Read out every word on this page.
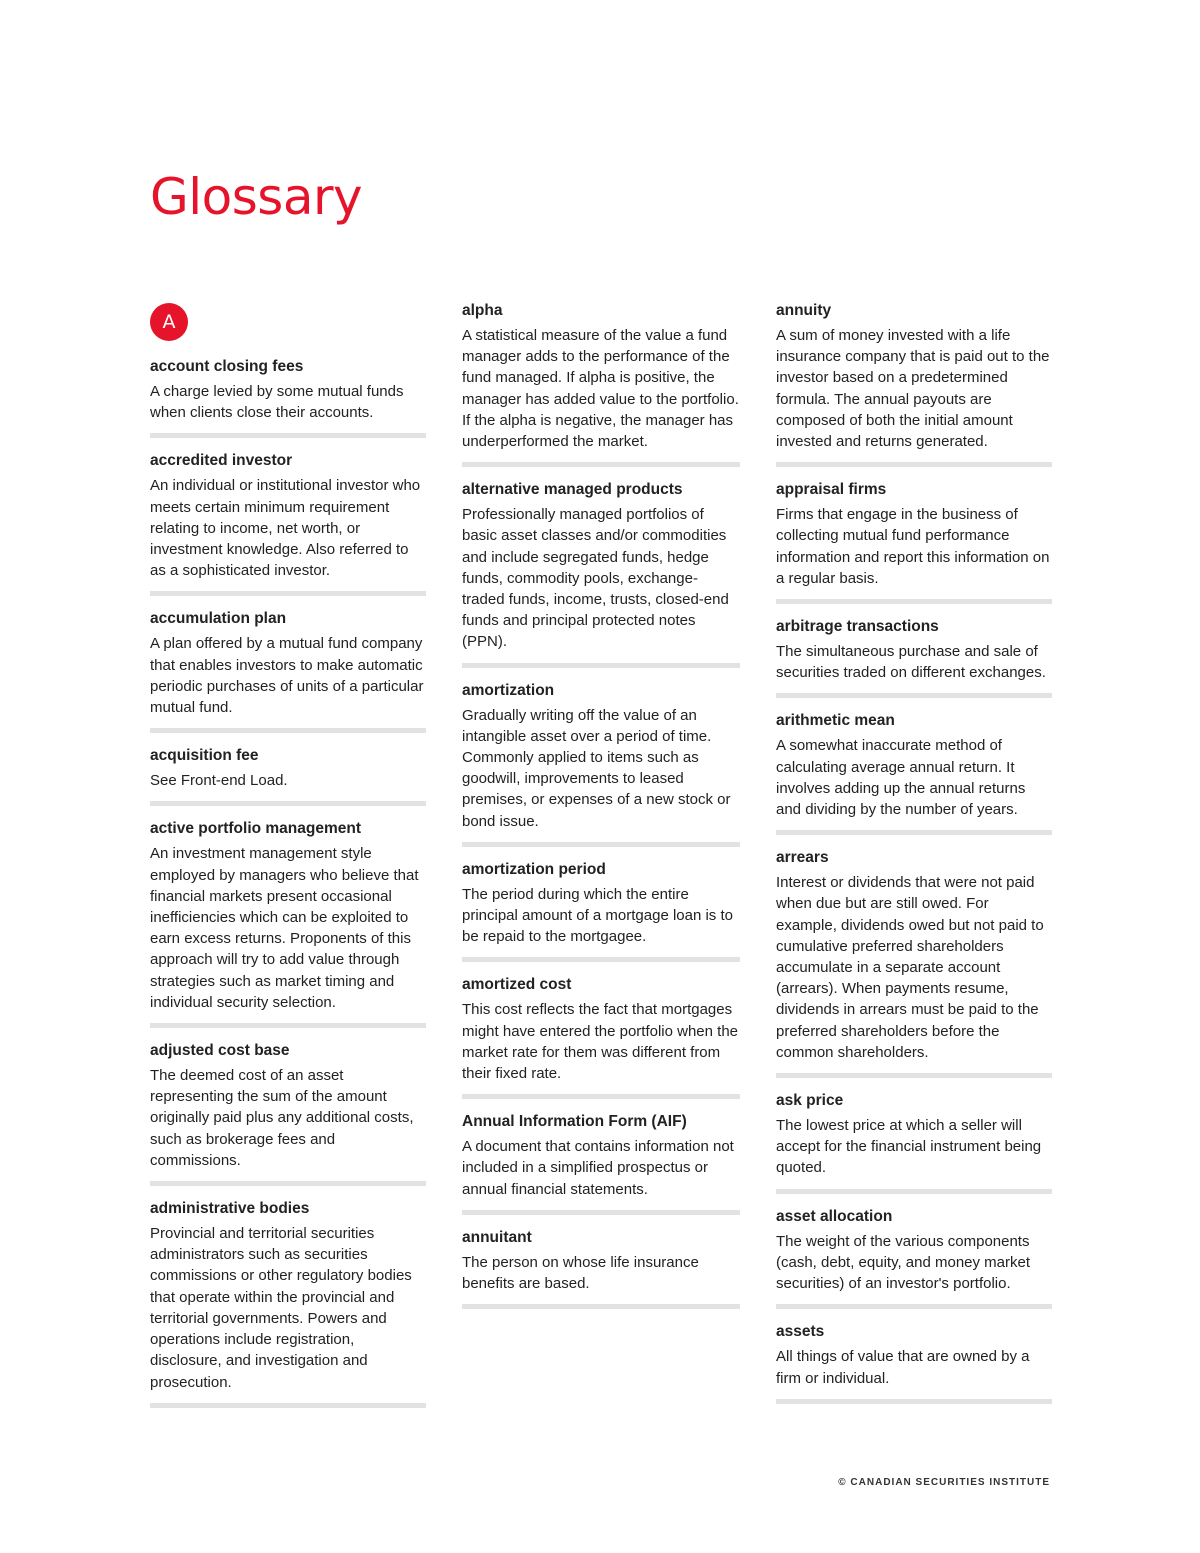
Glossary
A

account closing fees

A charge levied by some mutual funds when clients close their accounts.

accredited investor

An individual or institutional investor who meets certain minimum requirement relating to income, net worth, or investment knowledge. Also referred to as a sophisticated investor.

accumulation plan

A plan offered by a mutual fund company that enables investors to make automatic periodic purchases of units of a particular mutual fund.

acquisition fee

See Front-end Load.

active portfolio management

An investment management style employed by managers who believe that financial markets present occasional inefficiencies which can be exploited to earn excess returns. Proponents of this approach will try to add value through strategies such as market timing and individual security selection.

adjusted cost base

The deemed cost of an asset representing the sum of the amount originally paid plus any additional costs, such as brokerage fees and commissions.

administrative bodies

Provincial and territorial securities administrators such as securities commissions or other regulatory bodies that operate within the provincial and territorial governments. Powers and operations include registration, disclosure, and investigation and prosecution.

alpha

A statistical measure of the value a fund manager adds to the performance of the fund managed. If alpha is positive, the manager has added value to the portfolio. If the alpha is negative, the manager has underperformed the market.

alternative managed products

Professionally managed portfolios of basic asset classes and/or commodities and include segregated funds, hedge funds, commodity pools, exchange-traded funds, income, trusts, closed-end funds and principal protected notes (PPN).

amortization

Gradually writing off the value of an intangible asset over a period of time. Commonly applied to items such as goodwill, improvements to leased premises, or expenses of a new stock or bond issue.

amortization period

The period during which the entire principal amount of a mortgage loan is to be repaid to the mortgagee.

amortized cost

This cost reflects the fact that mortgages might have entered the portfolio when the market rate for them was different from their fixed rate.

Annual Information Form (AIF)

A document that contains information not included in a simplified prospectus or annual financial statements.

annuitant

The person on whose life insurance benefits are based.

annuity

A sum of money invested with a life insurance company that is paid out to the investor based on a predetermined formula. The annual payouts are composed of both the initial amount invested and returns generated.

appraisal firms

Firms that engage in the business of collecting mutual fund performance information and report this information on a regular basis.

arbitrage transactions

The simultaneous purchase and sale of securities traded on different exchanges.

arithmetic mean

A somewhat inaccurate method of calculating average annual return. It involves adding up the annual returns and dividing by the number of years.

arrears

Interest or dividends that were not paid when due but are still owed. For example, dividends owed but not paid to cumulative preferred shareholders accumulate in a separate account (arrears). When payments resume, dividends in arrears must be paid to the preferred shareholders before the common shareholders.

ask price

The lowest price at which a seller will accept for the financial instrument being quoted.

asset allocation

The weight of the various components (cash, debt, equity, and money market securities) of an investor's portfolio.

assets

All things of value that are owned by a firm or individual.

© CANADIAN SECURITIES INSTITUTE
